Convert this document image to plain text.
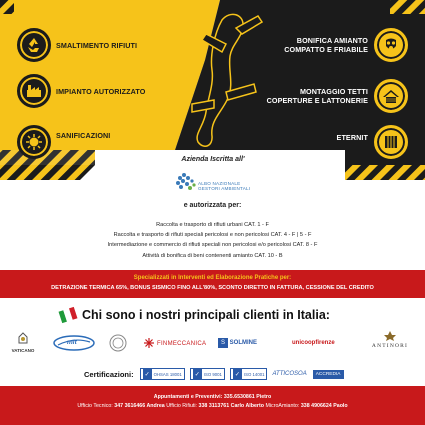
SMALTIMENTO RIFIUTI
IMPIANTO AUTORIZZATO
SANIFICAZIONI
BONIFICA AMIANTO
COMPATTO E FRIABILE
MONTAGGIO TETTI
COPERTURE E LATTONERIE
ETERNIT
Azienda Iscritta all'
ALBO NAZIONALE
GESTORI AMBIENTALI
e autorizzata per:
Raccolta e trasporto di rifiuti urbani CAT. 1 - F
Raccolta e trasporto di rifiuti speciali pericolosi e non pericolosi CAT. 4 - F | 5 - F
Intermediazione e commercio di rifiuti speciali non pericolosi e/o pericolosi CAT. 8 - F
Attività di bonifica di beni contenenti amianto CAT. 10 - B
Specializzati in Interventi ed Elaborazione Pratiche per:
DETRAZIONE TERMICA 65%, BONUS SISMICO FINO ALL'80%, SCONTO DIRETTO IN FATTURA, CESSIONE DEL CREDITO
Chi sono i nostri principali clienti in Italia:
VATICANO
mit	FINMECCANICA	S SOLMINE	unicoopfirenze	ANTINORI
Certificazioni:	✓ OHSAS 18001	✓ ISO 9001	✓ ISO 14001 ATTICOSOA	ACCREDIA
Appuntamenti e Preventivi: 335.6530861 Pietro
Ufficio Tecnico: 347 3616466 Andrea Ufficio Rifiuti: 338 3113761 Carlo Alberto MicroAmianto: 338 4906624 Paolo
